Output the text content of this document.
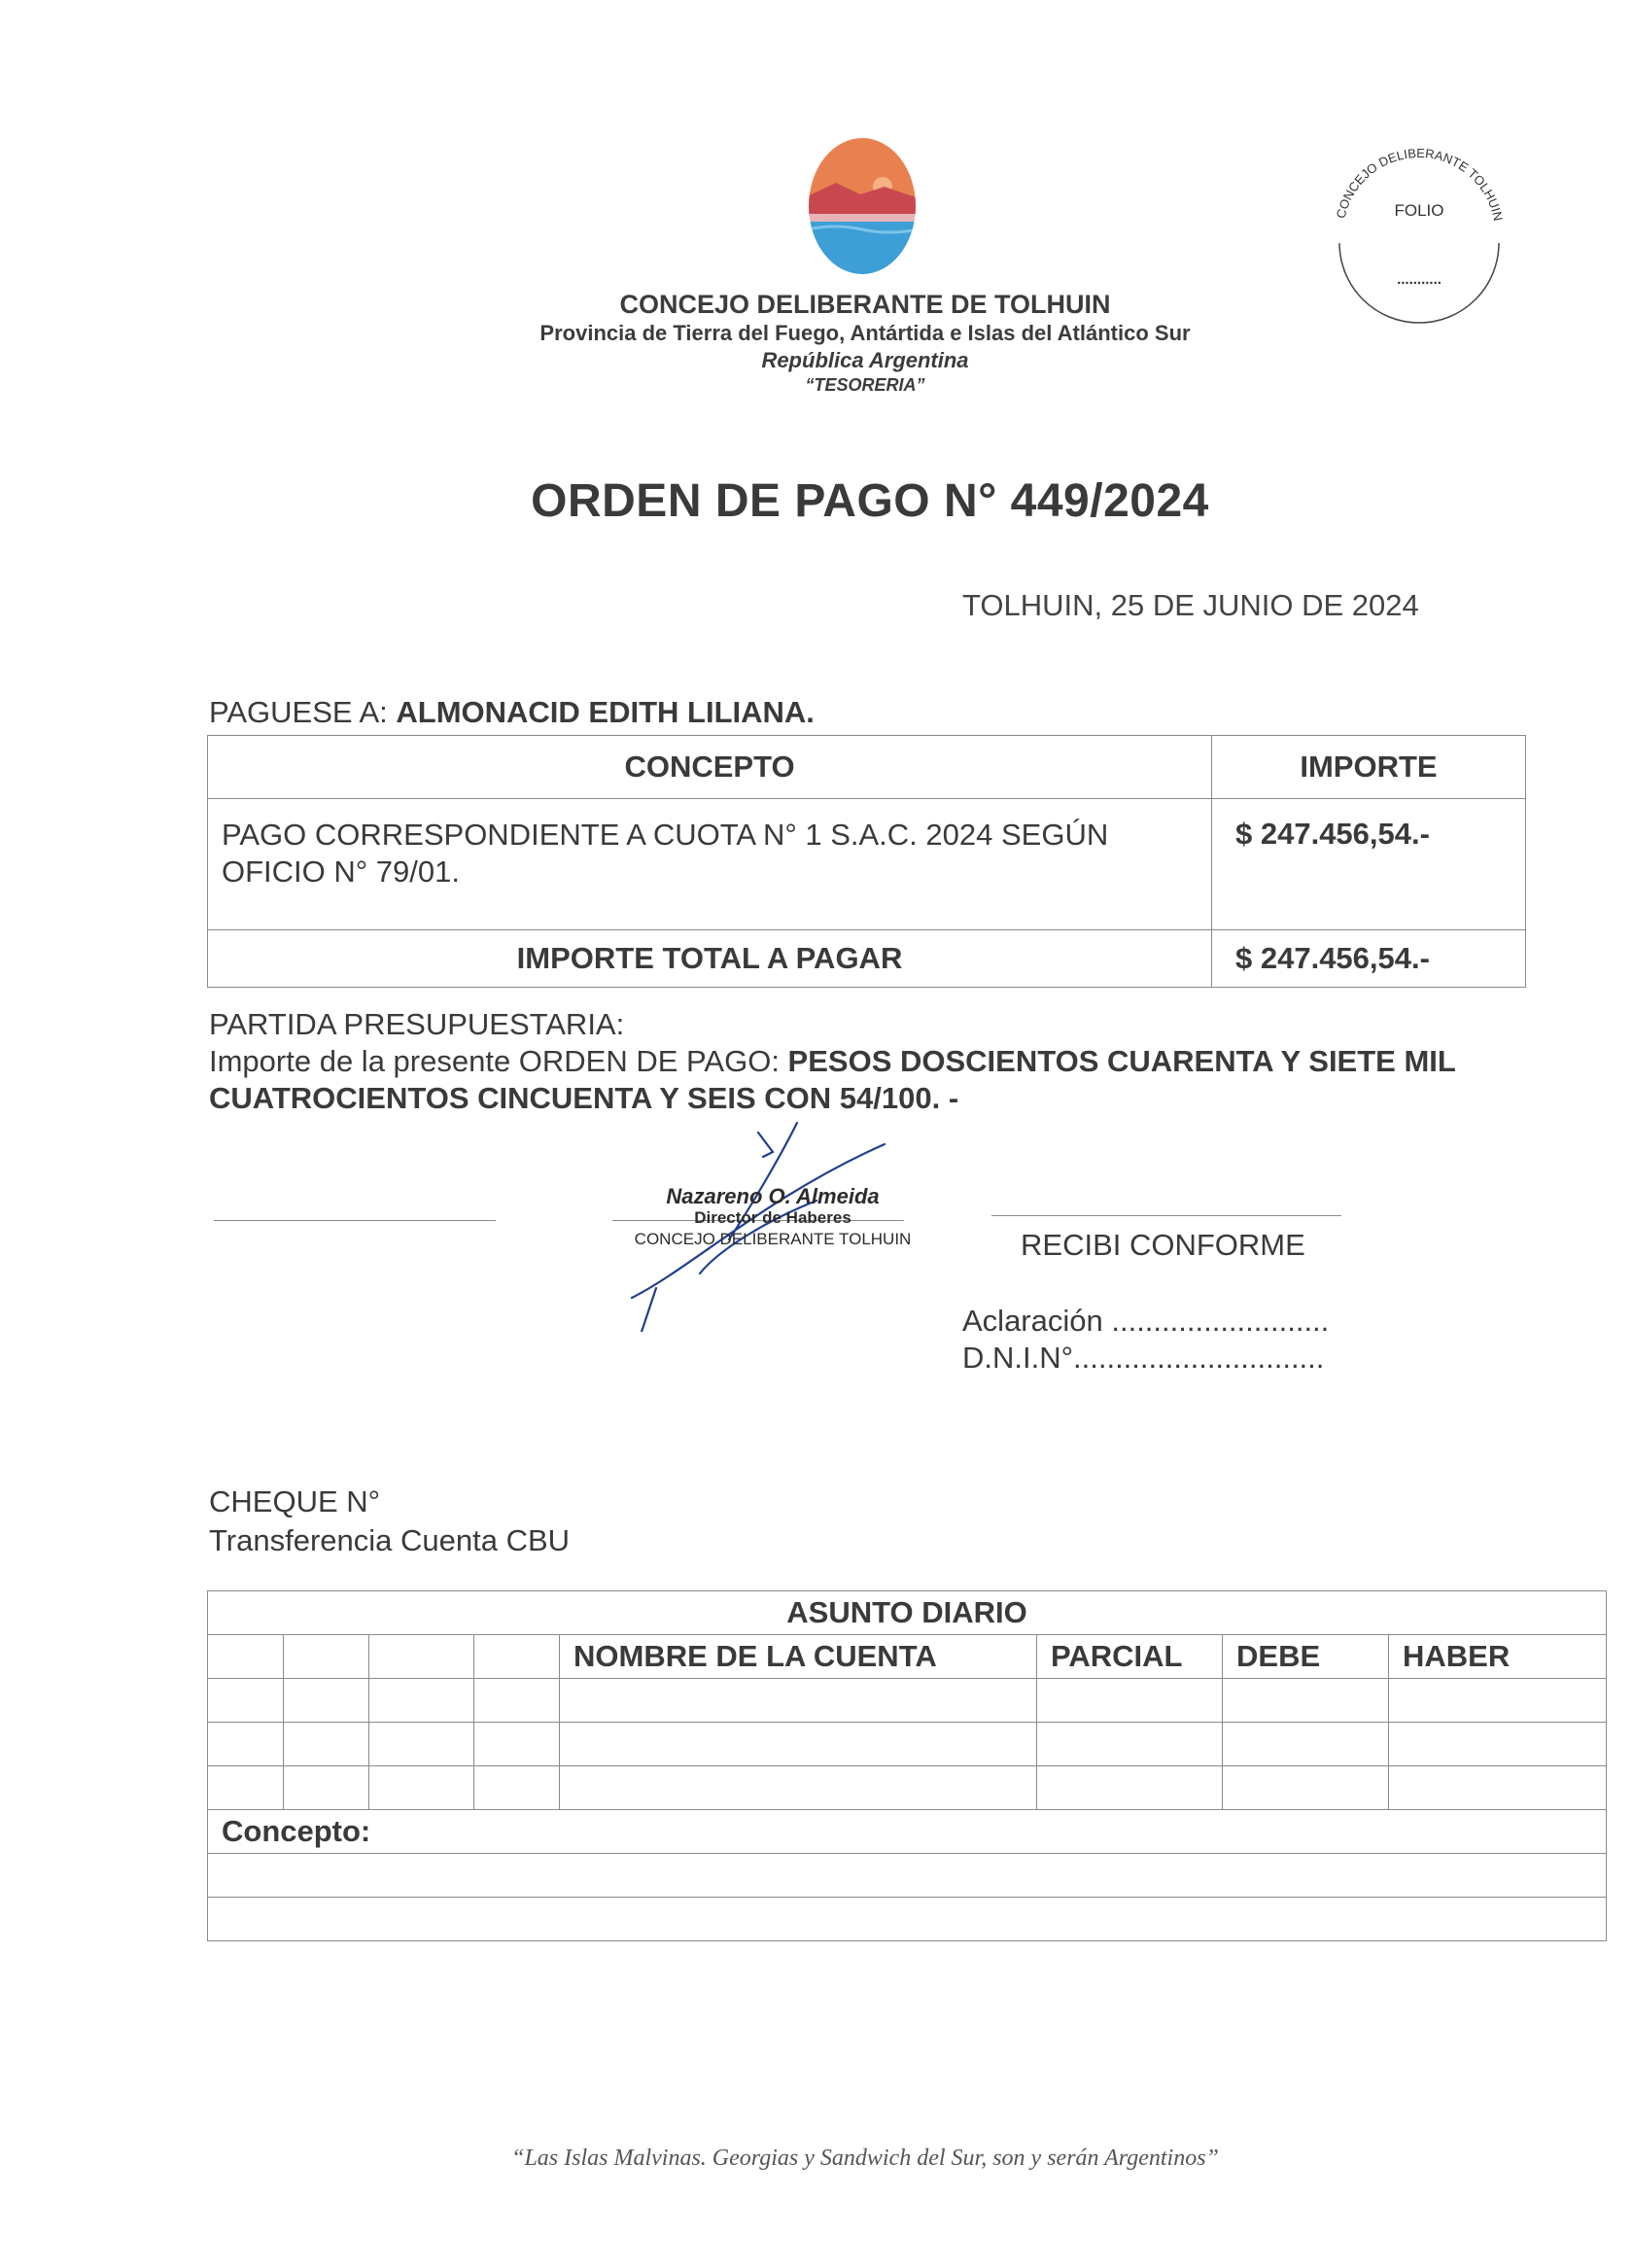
CONCEJO DELIBERANTE DE TOLHUIN
Provincia de Tierra del Fuego, Antártida e Islas del Atlántico Sur
República Argentina
“TESORERIA”
CONCEJO DELIBERANTE TOLHUIN
FOLIO
...........
ORDEN DE PAGO N° 449/2024
TOLHUIN, 25 DE JUNIO DE 2024
PAGUESE A: ALMONACID EDITH LILIANA.
CONCEPTO	IMPORTE
PAGO CORRESPONDIENTE A CUOTA N° 1 S.A.C. 2024 SEGÚN OFICIO N° 79/01.	$ 247.456,54.-
IMPORTE TOTAL A PAGAR	$ 247.456,54.-
PARTIDA PRESUPUESTARIA:
Importe de la presente ORDEN DE PAGO: PESOS DOSCIENTOS CUARENTA Y SIETE MIL CUATROCIENTOS CINCUENTA Y SEIS CON 54/100. -
Nazareno O. Almeida
Director de Haberes
CONCEJO DELIBERANTE TOLHUIN	RECIBI CONFORME
Aclaración ..........................
D.N.I.N°..............................
CHEQUE N°
Transferencia Cuenta CBU
ASUNTO DIARIO							
				NOMBRE DE LA CUENTA	PARCIAL	DEBE	HABER

Concepto:							

“Las Islas Malvinas. Georgias y Sandwich del Sur, son y serán Argentinos”
